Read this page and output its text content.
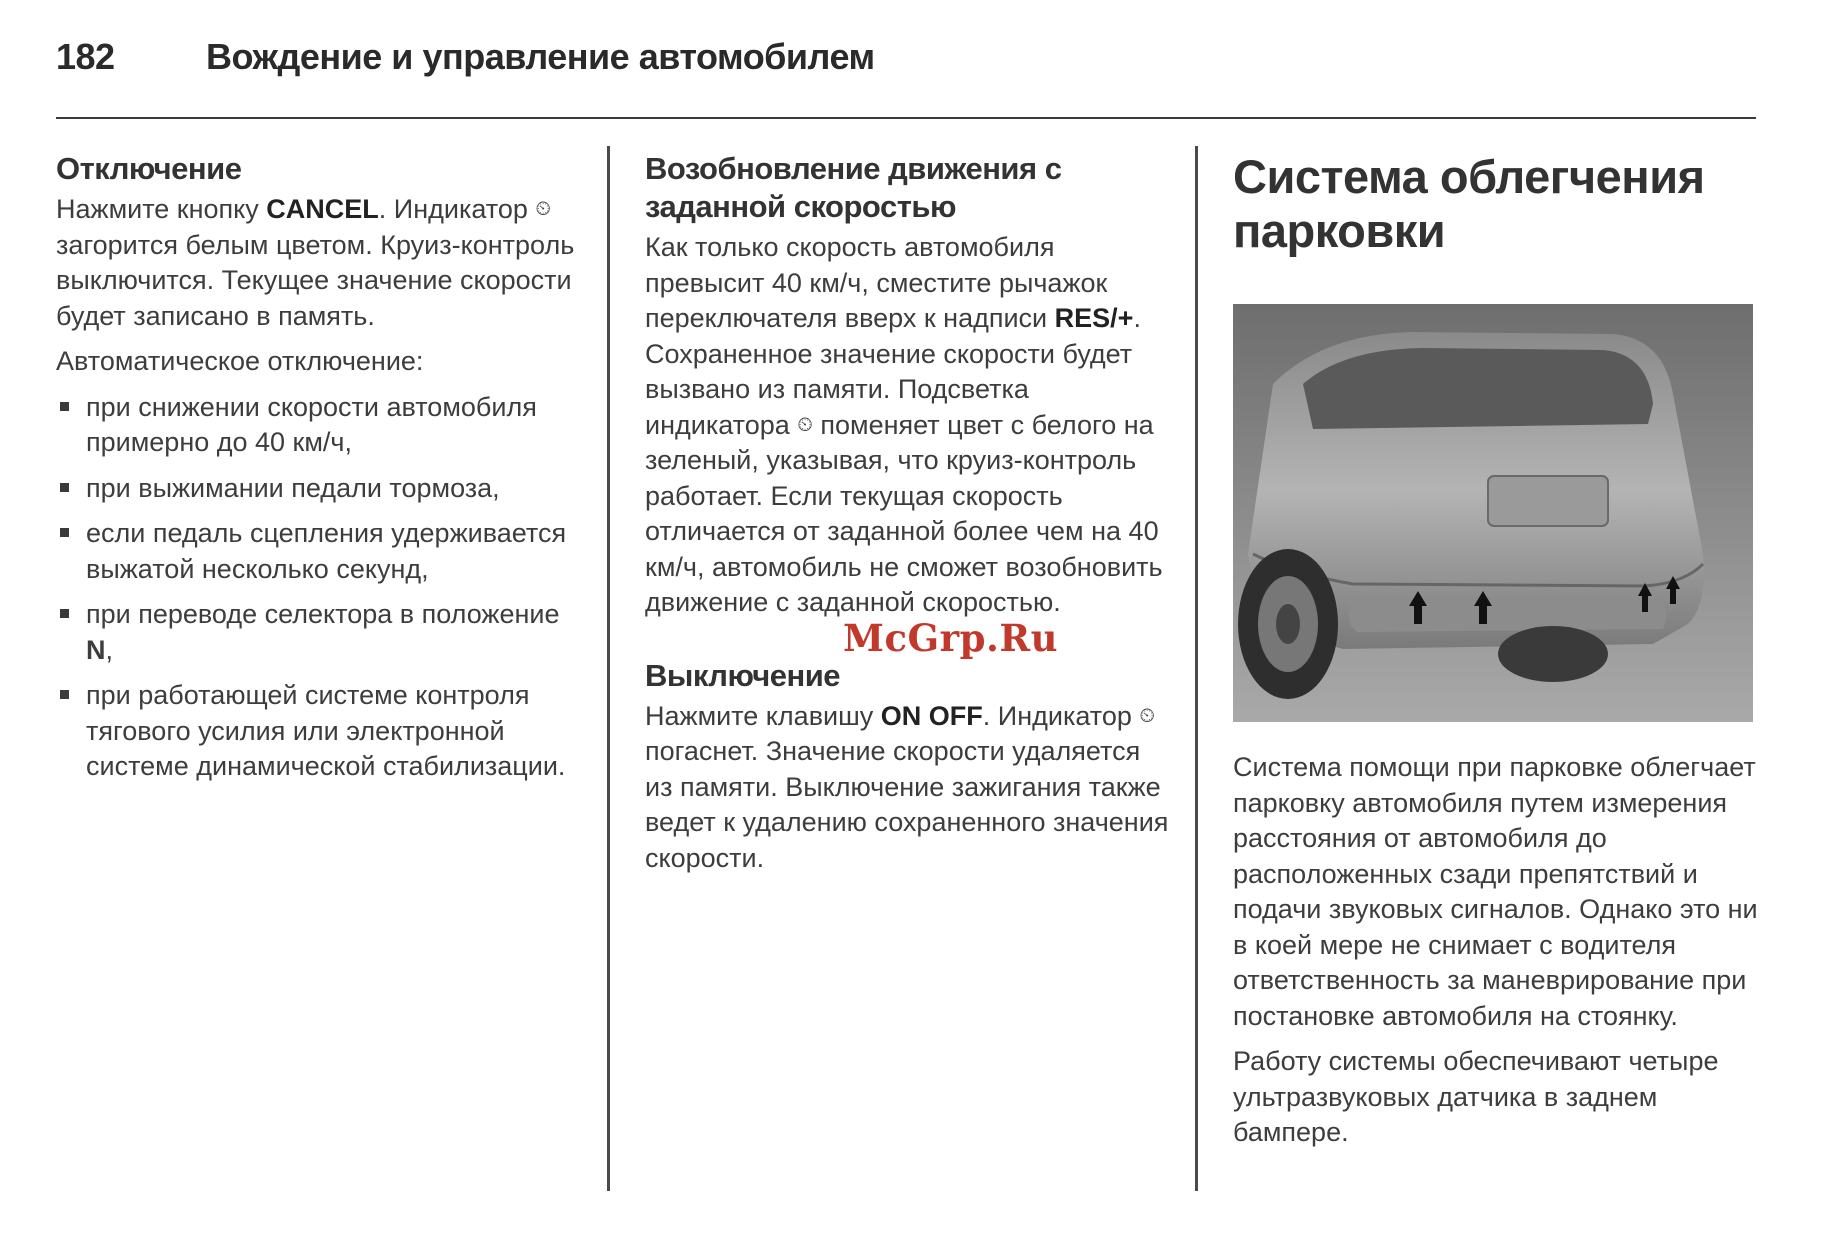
182	Вождение и управление автомобилем
Отключение

Нажмите кнопку CANCEL. Индикатор ⏲ загорится белым цветом. Круиз-контроль выключится. Текущее значение скорости будет записано в память.

Автоматическое отключение:

при снижении скорости автомобиля примерно до 40 км/ч,
при выжимании педали тормоза,
если педаль сцепления удерживается выжатой несколько секунд,
при переводе селектора в положение N,
при работающей системе контроля тягового усилия или электронной системе динамической стабилизации.
Возобновление движения с заданной скоростью

Как только скорость автомобиля превысит 40 км/ч, сместите рычажок переключателя вверх к надписи RES/+. Сохраненное значение скорости будет вызвано из памяти. Подсветка индикатора ⏲ поменяет цвет с белого на зеленый, указывая, что круиз-контроль работает. Если текущая скорость отличается от заданной более чем на 40 км/ч, автомобиль не сможет возобновить движение с заданной скоростью.

Выключение

Нажмите клавишу ON OFF. Индикатор ⏲ погаснет. Значение скорости удаляется из памяти. Выключение зажигания также ведет к удалению сохраненного значения скорости.

Система облегчения парковки

Система помощи при парковке облегчает парковку автомобиля путем измерения расстояния от автомобиля до расположенных сзади препятствий и подачи звуковых сигналов. Однако это ни в коей мере не снимает с водителя ответственность за маневрирование при постановке автомобиля на стоянку.

Работу системы обеспечивают четыре ультразвуковых датчика в заднем бампере.

McGrp.Ru
